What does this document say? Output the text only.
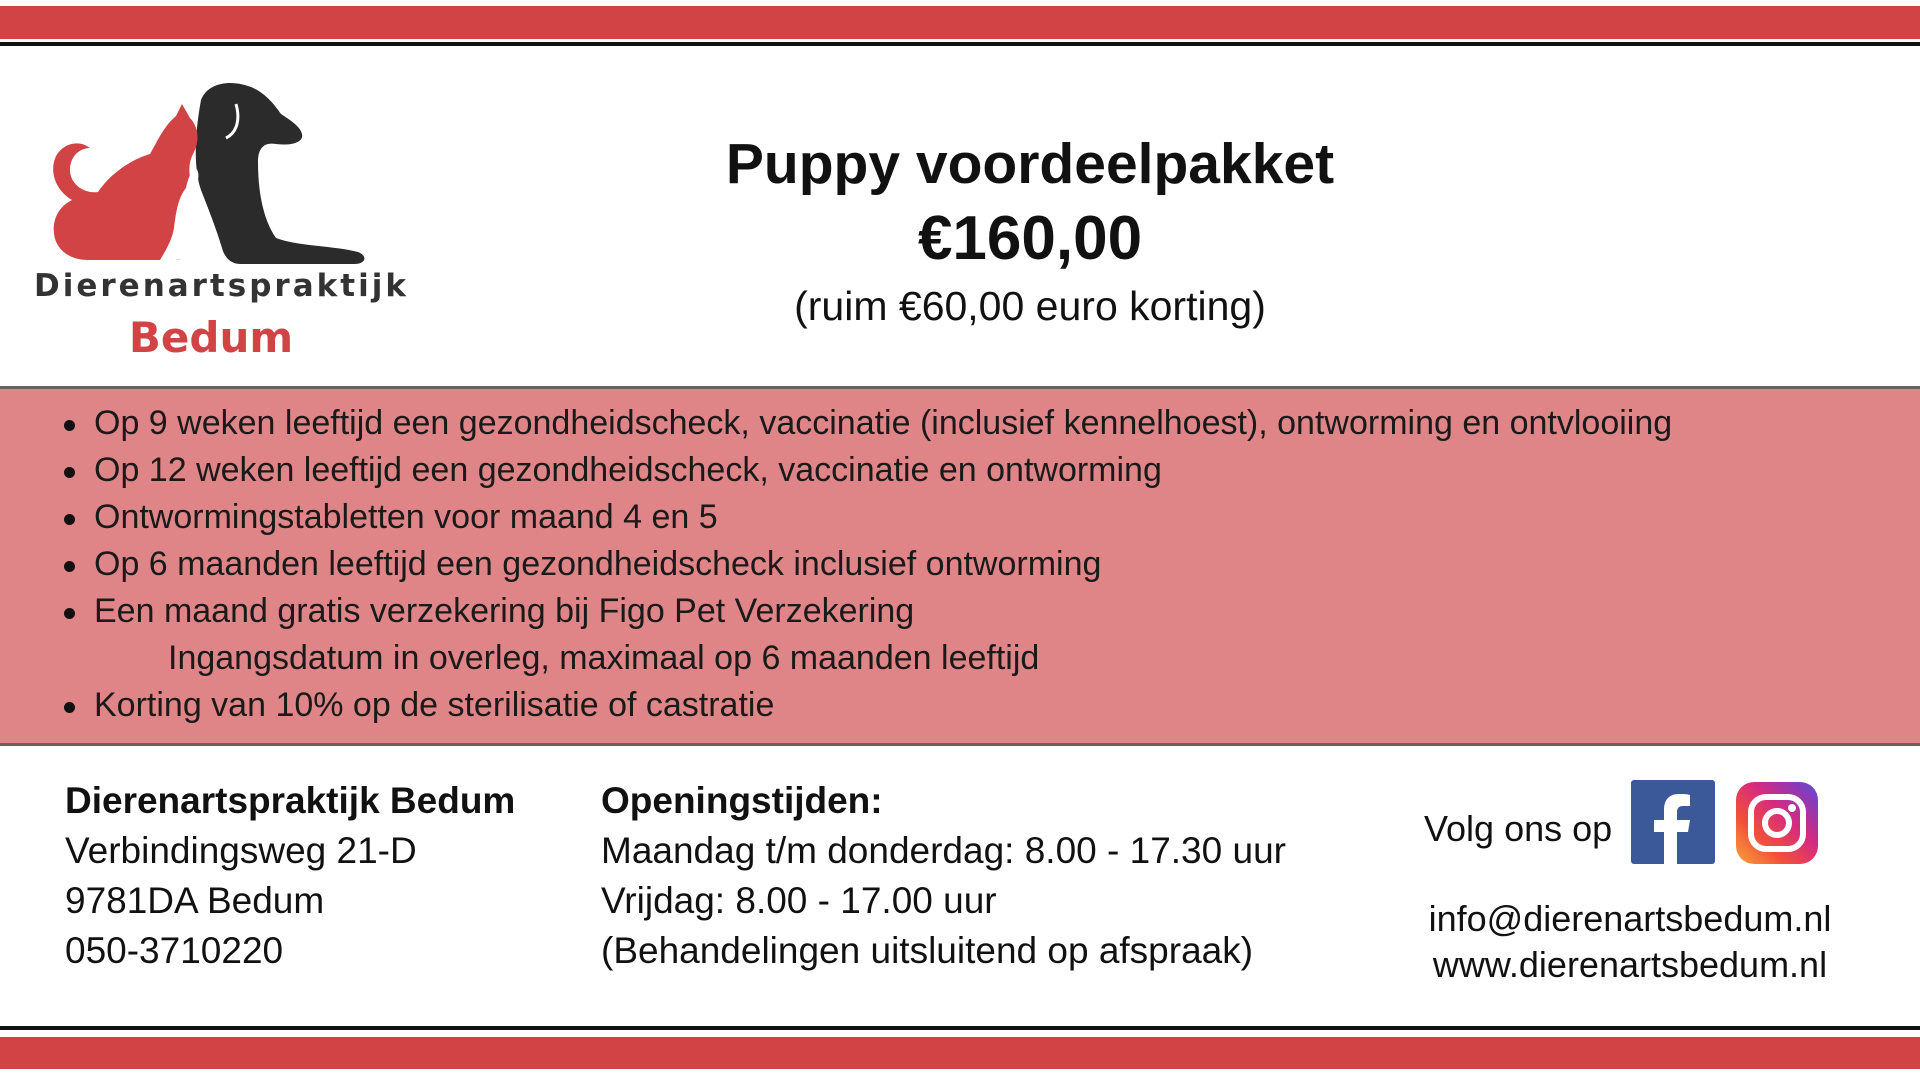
Dierenartspraktijk
Bedum
Puppy voordeelpakket
€160,00
(ruim €60,00 euro korting)
Op 9 weken leeftijd een gezondheidscheck, vaccinatie (inclusief kennelhoest), ontworming en ontvlooiing
Op 12 weken leeftijd een gezondheidscheck, vaccinatie en ontworming
Ontwormingstabletten voor maand 4 en 5
Op 6 maanden leeftijd een gezondheidscheck inclusief ontworming
Een maand gratis verzekering bij Figo Pet Verzekering
Ingangsdatum in overleg, maximaal op 6 maanden leeftijd
Korting van 10% op de sterilisatie of castratie
Dierenartspraktijk Bedum
Verbindingsweg 21-D
9781DA Bedum
050-3710220
Openingstijden:
Maandag t/m donderdag: 8.00 - 17.30 uur
Vrijdag: 8.00 - 17.00 uur
(Behandelingen uitsluitend op afspraak)
Volg ons op
info@dierenartsbedum.nl
www.dierenartsbedum.nl
